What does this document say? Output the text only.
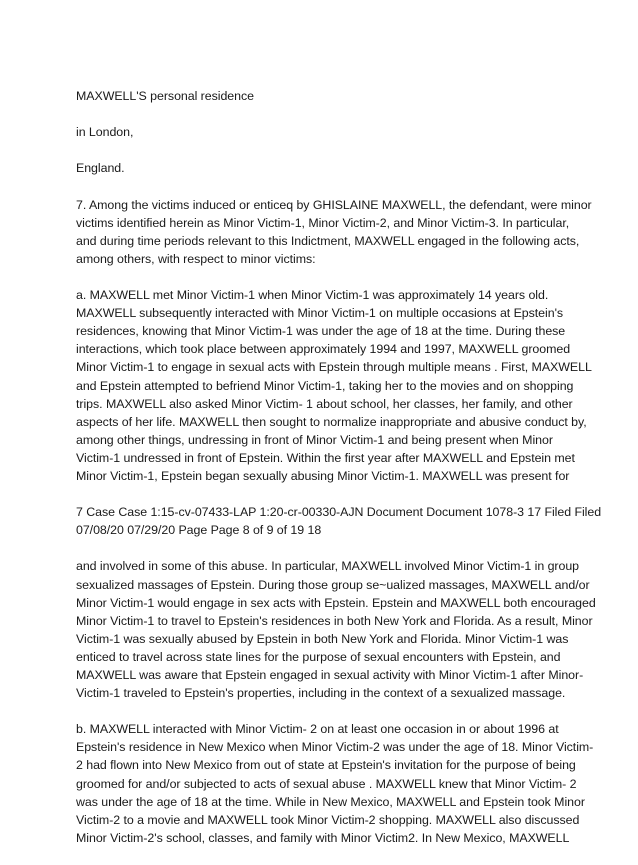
MAXWELL'S personal residence

in London,

England.

7. Among the victims induced or enticeq by GHISLAINE MAXWELL, the defendant, were minor
victims identified herein as Minor Victim-1, Minor Victim-2, and Minor Victim-3. In particular,
and during time periods relevant to this Indictment, MAXWELL engaged in the following acts,
among others, with respect to minor victims:

a. MAXWELL met Minor Victim-1 when Minor Victim-1 was approximately 14 years old.
MAXWELL subsequently interacted with Minor Victim-1 on multiple occasions at Epstein's
residences, knowing that Minor Victim-1 was under the age of 18 at the time. During these
interactions, which took place between approximately 1994 and 1997, MAXWELL groomed
Minor Victim-1 to engage in sexual acts with Epstein through multiple means . First, MAXWELL
and Epstein attempted to befriend Minor Victim-1, taking her to the movies and on shopping
trips. MAXWELL also asked Minor Victim- 1 about school, her classes, her family, and other
aspects of her life. MAXWELL then sought to normalize inappropriate and abusive conduct by,
among other things, undressing in front of Minor Victim-1 and being present when Minor
Victim-1 undressed in front of Epstein. Within the first year after MAXWELL and Epstein met
Minor Victim-1, Epstein began sexually abusing Minor Victim-1. MAXWELL was present for

7 Case Case 1:15-cv-07433-LAP 1:20-cr-00330-AJN Document Document 1078-3 17 Filed Filed
07/08/20 07/29/20 Page Page 8 of 9 of 19 18

and involved in some of this abuse. In particular, MAXWELL involved Minor Victim-1 in group
sexualized massages of Epstein. During those group se~ualized massages, MAXWELL and/or
Minor Victim-1 would engage in sex acts with Epstein. Epstein and MAXWELL both encouraged
Minor Victim-1 to travel to Epstein's residences in both New York and Florida. As a result, Minor
Victim-1 was sexually abused by Epstein in both New York and Florida. Minor Victim-1 was
enticed to travel across state lines for the purpose of sexual encounters with Epstein, and
MAXWELL was aware that Epstein engaged in sexual activity with Minor Victim-1 after Minor-
Victim-1 traveled to Epstein's properties, including in the context of a sexualized massage.

b. MAXWELL interacted with Minor Victim- 2 on at least one occasion in or about 1996 at
Epstein's residence in New Mexico when Minor Victim-2 was under the age of 18. Minor Victim-
2 had flown into New Mexico from out of state at Epstein's invitation for the purpose of being
groomed for and/or subjected to acts of sexual abuse . MAXWELL knew that Minor Victim- 2
was under the age of 18 at the time. While in New Mexico, MAXWELL and Epstein took Minor
Victim-2 to a movie and MAXWELL took Minor Victim-2 shopping. MAXWELL also discussed
Minor Victim-2's school, classes, and family with Minor Victim2. In New Mexico, MAXWELL
